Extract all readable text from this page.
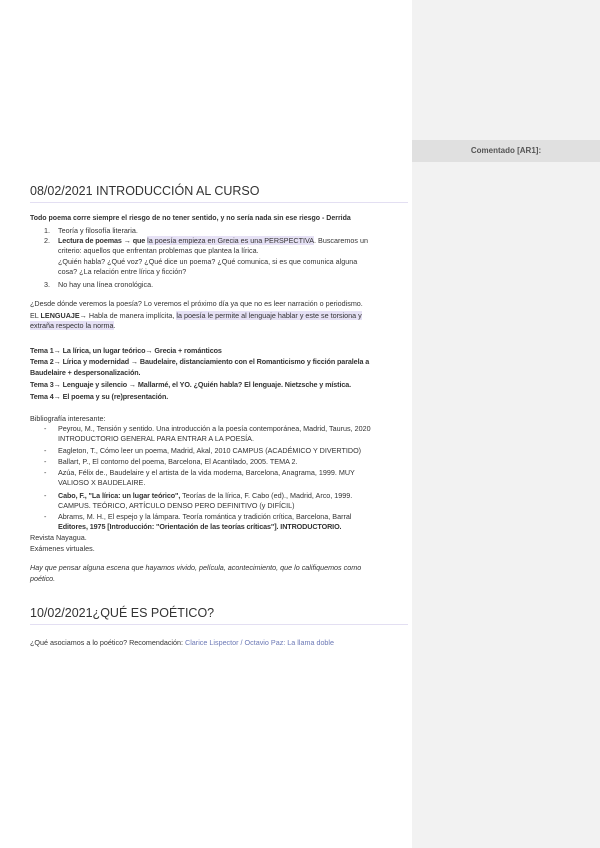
Comentado [AR1]:
08/02/2021 INTRODUCCIÓN AL CURSO
Todo poema corre siempre el riesgo de no tener sentido, y no sería nada sin ese riesgo - Derrida
1. Teoría y filosofía literaria.
2. Lectura de poemas → que la poesía empieza en Grecia es una PERSPECTIVA. Buscaremos un
criterio: aquellos que enfrentan problemas que plantea la lírica.
¿Quién habla? ¿Qué voz? ¿Qué dice un poema? ¿Qué comunica, si es que comunica alguna
cosa? ¿La relación entre lírica y ficción?
3. No hay una línea cronológica.
¿Desde dónde veremos la poesía? Lo veremos el próximo día ya que no es leer narración o periodismo.
EL LENGUAJE→ Habla de manera implícita, la poesía le permite al lenguaje hablar y este se torsiona y
extraña respecto la norma.
Tema 1→ La lírica, un lugar teórico→ Grecia + románticos
Tema 2→ Lírica y modernidad → Baudelaire, distanciamiento con el Romanticismo y ficción paralela a
Baudelaire + despersonalización.
Tema 3→ Lenguaje y silencio → Mallarmé, el YO. ¿Quién habla? El lenguaje. Nietzsche y mística.
Tema 4→ El poema y su (re)presentación.
Bibliografía interesante:
- Peyrou, M., Tensión y sentido. Una introducción a la poesía contemporánea, Madrid, Taurus, 2020
INTRODUCTORIO GENERAL PARA ENTRAR A LA POESÍA.
- Eagleton, T., Cómo leer un poema, Madrid, Akal, 2010 CAMPUS (ACADÉMICO Y DIVERTIDO)
- Ballart, P., El contorno del poema, Barcelona, El Acantilado, 2005. TEMA 2.
- Azúa, Félix de., Baudelaire y el artista de la vida moderna, Barcelona, Anagrama, 1999. MUY
VALIOSO X BAUDELAIRE.
- Cabo, F., "La lírica: un lugar teórico", Teorías de la lírica, F. Cabo (ed)., Madrid, Arco, 1999.
CAMPUS. TEÓRICO, ARTÍCULO DENSO PERO DEFINITIVO (y DIFÍCIL)
- Abrams, M. H., El espejo y la lámpara. Teoría romántica y tradición crítica, Barcelona, Barral
Editores, 1975 [Introducción: "Orientación de las teorías críticas"]. INTRODUCTORIO.
Revista Nayagua.
Exámenes virtuales.
Hay que pensar alguna escena que hayamos vivido, película, acontecimiento, que lo califiquemos como
poético.
10/02/2021¿QUÉ ES POÉTICO?
¿Qué asociamos a lo poético? Recomendación: Clarice Lispector / Octavio Paz: La llama doble
